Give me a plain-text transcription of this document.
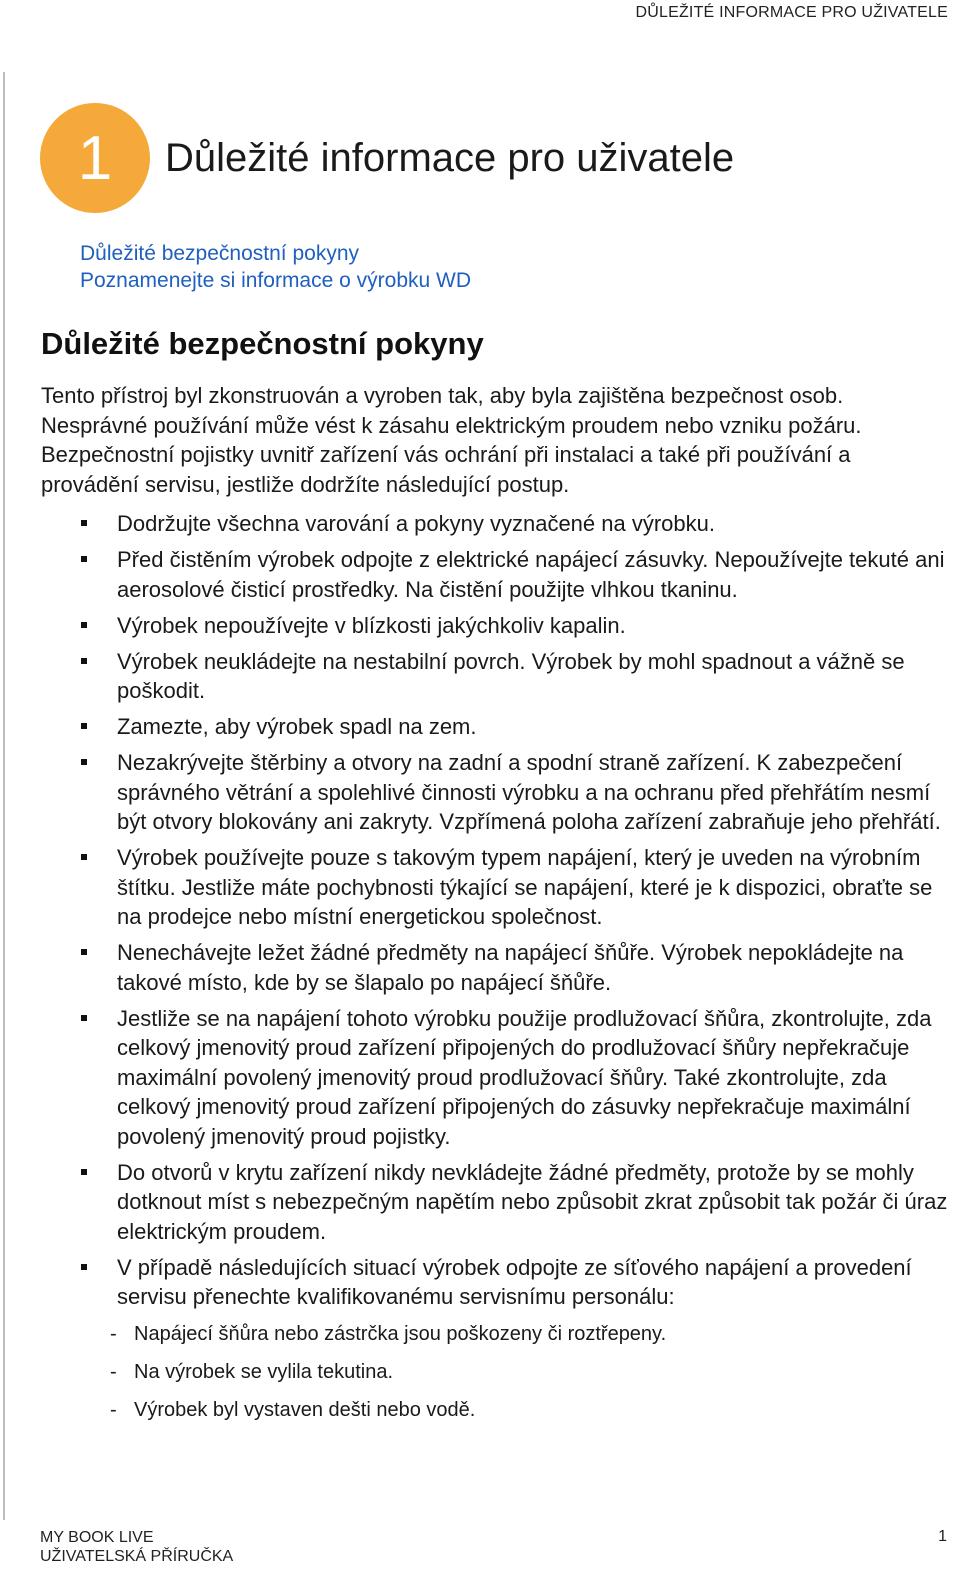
DŮLEŽITÉ INFORMACE PRO UŽIVATELE
1 Důležité informace pro uživatele
Důležité bezpečnostní pokyny
Poznamenejte si informace o výrobku WD
Důležité bezpečnostní pokyny

Tento přístroj byl zkonstruován a vyroben tak, aby byla zajištěna bezpečnost osob. Nesprávné používání může vést k zásahu elektrickým proudem nebo vzniku požáru. Bezpečnostní pojistky uvnitř zařízení vás ochrání při instalaci a také při používání a provádění servisu, jestliže dodržíte následující postup.

Dodržujte všechna varování a pokyny vyznačené na výrobku.
Před čistěním výrobek odpojte z elektrické napájecí zásuvky. Nepoužívejte tekuté ani aerosolové čisticí prostředky. Na čistění použijte vlhkou tkaninu.
Výrobek nepoužívejte v blízkosti jakýchkoliv kapalin.
Výrobek neukládejte na nestabilní povrch. Výrobek by mohl spadnout a vážně se poškodit.
Zamezte, aby výrobek spadl na zem.
Nezakrývejte štěrbiny a otvory na zadní a spodní straně zařízení. K zabezpečení správného větrání a spolehlivé činnosti výrobku a na ochranu před přehřátím nesmí být otvory blokovány ani zakryty. Vzpřímená poloha zařízení zabraňuje jeho přehřátí.
Výrobek používejte pouze s takovým typem napájení, který je uveden na výrobním štítku. Jestliže máte pochybnosti týkající se napájení, které je k dispozici, obraťte se na prodejce nebo místní energetickou společnost.
Nenechávejte ležet žádné předměty na napájecí šňůře. Výrobek nepokládejte na takové místo, kde by se šlapalo po napájecí šňůře.
Jestliže se na napájení tohoto výrobku použije prodlužovací šňůra, zkontrolujte, zda celkový jmenovitý proud zařízení připojených do prodlužovací šňůry nepřekračuje maximální povolený jmenovitý proud prodlužovací šňůry. Také zkontrolujte, zda celkový jmenovitý proud zařízení připojených do zásuvky nepřekračuje maximální povolený jmenovitý proud pojistky.
Do otvorů v krytu zařízení nikdy nevkládejte žádné předměty, protože by se mohly dotknout míst s nebezpečným napětím nebo způsobit zkrat způsobit tak požár či úraz elektrickým proudem.
V případě následujících situací výrobek odpojte ze síťového napájení a provedení servisu přenechte kvalifikovanému servisnímu personálu:
- Napájecí šňůra nebo zástrčka jsou poškozeny či roztřepeny.
- Na výrobek se vylila tekutina.
- Výrobek byl vystaven dešti nebo vodě.
MY BOOK LIVE
UŽIVATELSKÁ PŘÍRUČKA
1
